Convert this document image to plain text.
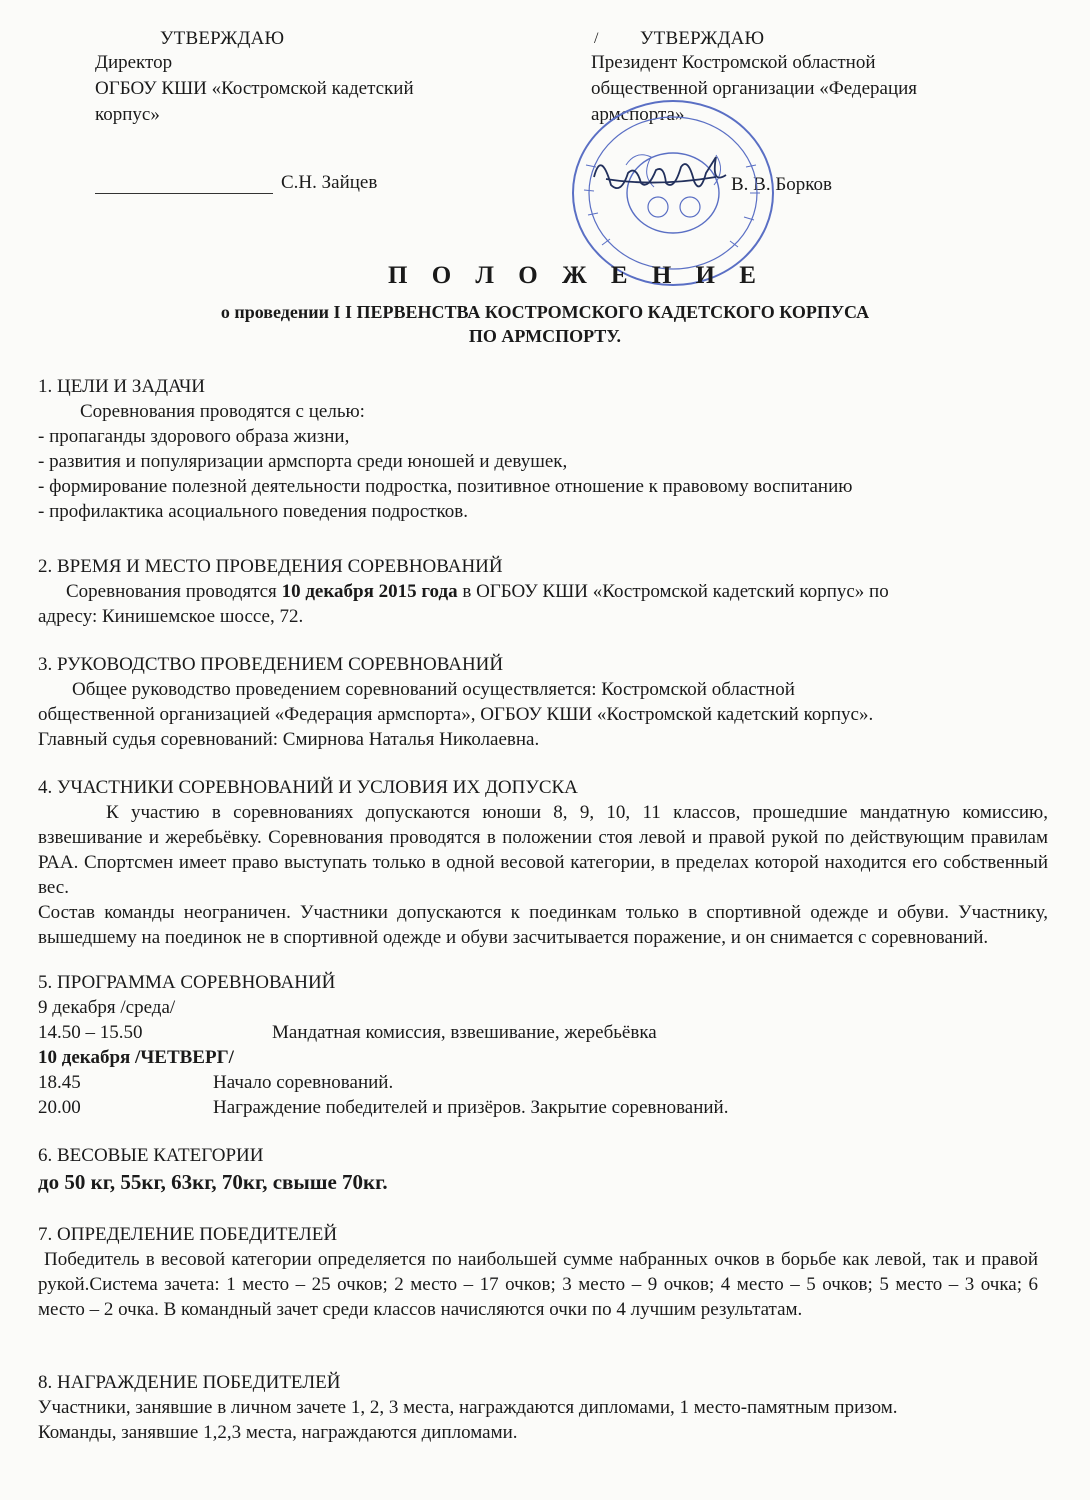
УТВЕРЖДАЮ
Директор
ОГБОУ КШИ «Костромской кадетский
корпус»
С.Н. Зайцев
УТВЕРЖДАЮ
Президент Костромской областной
общественной организации «Федерация
армспорта»
В. В. Борков
/
П О Л О Ж Е Н И Е
о проведении I I ПЕРВЕНСТВА КОСТРОМСКОГО КАДЕТСКОГО КОРПУСА
ПО АРМСПОРТУ.
1. ЦЕЛИ И ЗАДАЧИ
Соревнования проводятся с целью:
- пропаганды здорового образа жизни,
- развития и популяризации армспорта среди юношей и девушек,
- формирование полезной деятельности подростка, позитивное отношение к правовому воспитанию
- профилактика асоциального поведения подростков.
2. ВРЕМЯ И МЕСТО ПРОВЕДЕНИЯ СОРЕВНОВАНИЙ
Соревнования проводятся 10 декабря 2015 года в ОГБОУ КШИ «Костромской кадетский корпус» по
адресу: Кинишемское шоссе, 72.
3. РУКОВОДСТВО ПРОВЕДЕНИЕМ СОРЕВНОВАНИЙ
Общее руководство проведением соревнований осуществляется: Костромской областной
общественной организацией «Федерация армспорта», ОГБОУ КШИ «Костромской кадетский корпус».
Главный судья соревнований: Смирнова Наталья Николаевна.
4. УЧАСТНИКИ СОРЕВНОВАНИЙ И УСЛОВИЯ ИХ ДОПУСКА
К участию в соревнованиях допускаются юноши 8, 9, 10, 11 классов, прошедшие мандатную комиссию, взвешивание и жеребьёвку. Соревнования проводятся в положении стоя левой и правой рукой по действующим правилам РАА. Спортсмен имеет право выступать только в одной весовой категории, в пределах которой находится его собственный вес.
Состав команды неограничен. Участники допускаются к поединкам только в спортивной одежде и обуви. Участнику, вышедшему на поединок не в спортивной одежде и обуви засчитывается поражение, и он снимается с соревнований.
5. ПРОГРАММА СОРЕВНОВАНИЙ
9 декабря /среда/
14.50 – 15.50	Мандатная комиссия, взвешивание, жеребьёвка
10 декабря /ЧЕТВЕРГ/
18.45	Начало соревнований.
20.00	Награждение победителей и призёров. Закрытие соревнований.
6. ВЕСОВЫЕ КАТЕГОРИИ
до 50 кг, 55кг, 63кг, 70кг, свыше 70кг.
7. ОПРЕДЕЛЕНИЕ ПОБЕДИТЕЛЕЙ
Победитель в весовой категории определяется по наибольшей сумме набранных очков в борьбе как левой, так и правой рукой.Система зачета: 1 место – 25 очков; 2 место – 17 очков; 3 место – 9 очков; 4 место – 5 очков; 5 место – 3 очка; 6 место – 2 очка. В командный зачет среди классов начисляются очки по 4 лучшим результатам.
8. НАГРАЖДЕНИЕ ПОБЕДИТЕЛЕЙ
Участники, занявшие в личном зачете 1, 2, 3 места, награждаются дипломами, 1 место-памятным призом.
Команды, занявшие 1,2,3 места, награждаются дипломами.
